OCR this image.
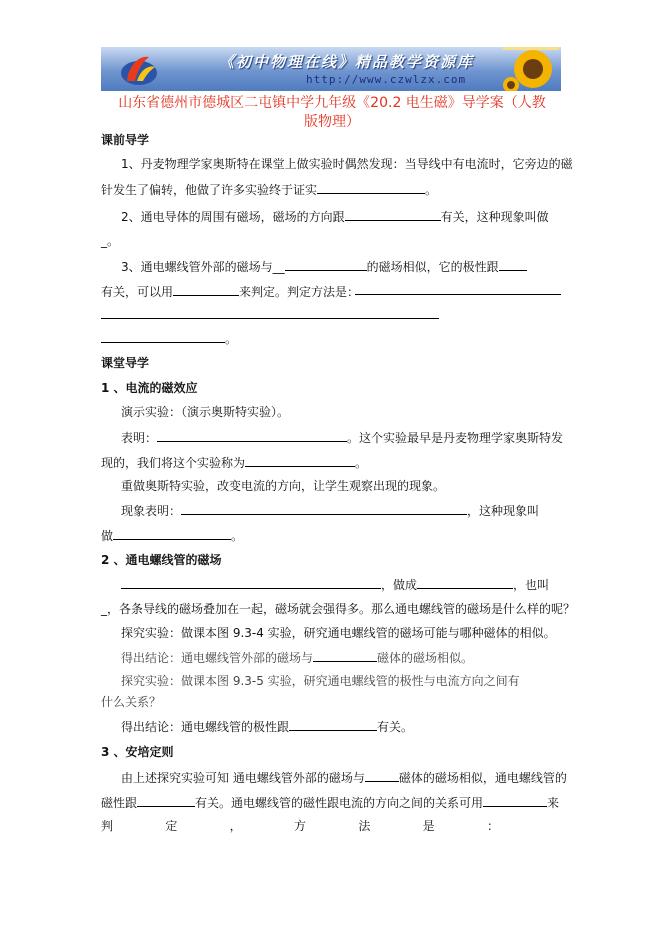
《初中物理在线》精品教学资源库
http://www.czwlzx.com
山东省德州市德城区二屯镇中学九年级《20.2 电生磁》导学案（人教
版物理）
课前导学
1、丹麦物理学家奥斯特在课堂上做实验时偶然发现：当导线中有电流时，它旁边的磁
针发生了偏转，他做了许多实验终于证实	。
2、通电导体的周围有磁场，磁场的方向跟	有关，这种现象叫做
_。
3、通电螺线管外部的磁场与__	的磁场相似，它的极性跟
有关，可以用	来判定。判定方法是：
。
课堂导学
1 、电流的磁效应
演示实验：（演示奥斯特实验）。
表明：	。这个实验最早是丹麦物理学家奥斯特发
现的，我们将这个实验称为	。
重做奥斯特实验，改变电流的方向，让学生观察出现的现象。
现象表明：	，这种现象叫
做	。
2 、通电螺线管的磁场
，做成	，也叫
_，各条导线的磁场叠加在一起，磁场就会强得多。那么通电螺线管的磁场是什么样的呢？
探究实验：做课本图 9.3-4 实验，研究通电螺线管的磁场可能与哪种磁体的相似。
得出结论：通电螺线管外部的磁场与	磁体的磁场相似。
探究实验：做课本图 9.3-5 实验，研究通电螺线管的极性与电流方向之间有
什么关系？
得出结论：通电螺线管的极性跟	有关。
3 、安培定则
由上述探究实验可知 通电螺线管外部的磁场与	磁体的磁场相似，通电螺线管的
磁性跟	有关。通电螺线管的磁性跟电流的方向之间的关系可用	来
判	定	，	方	法	是	：
